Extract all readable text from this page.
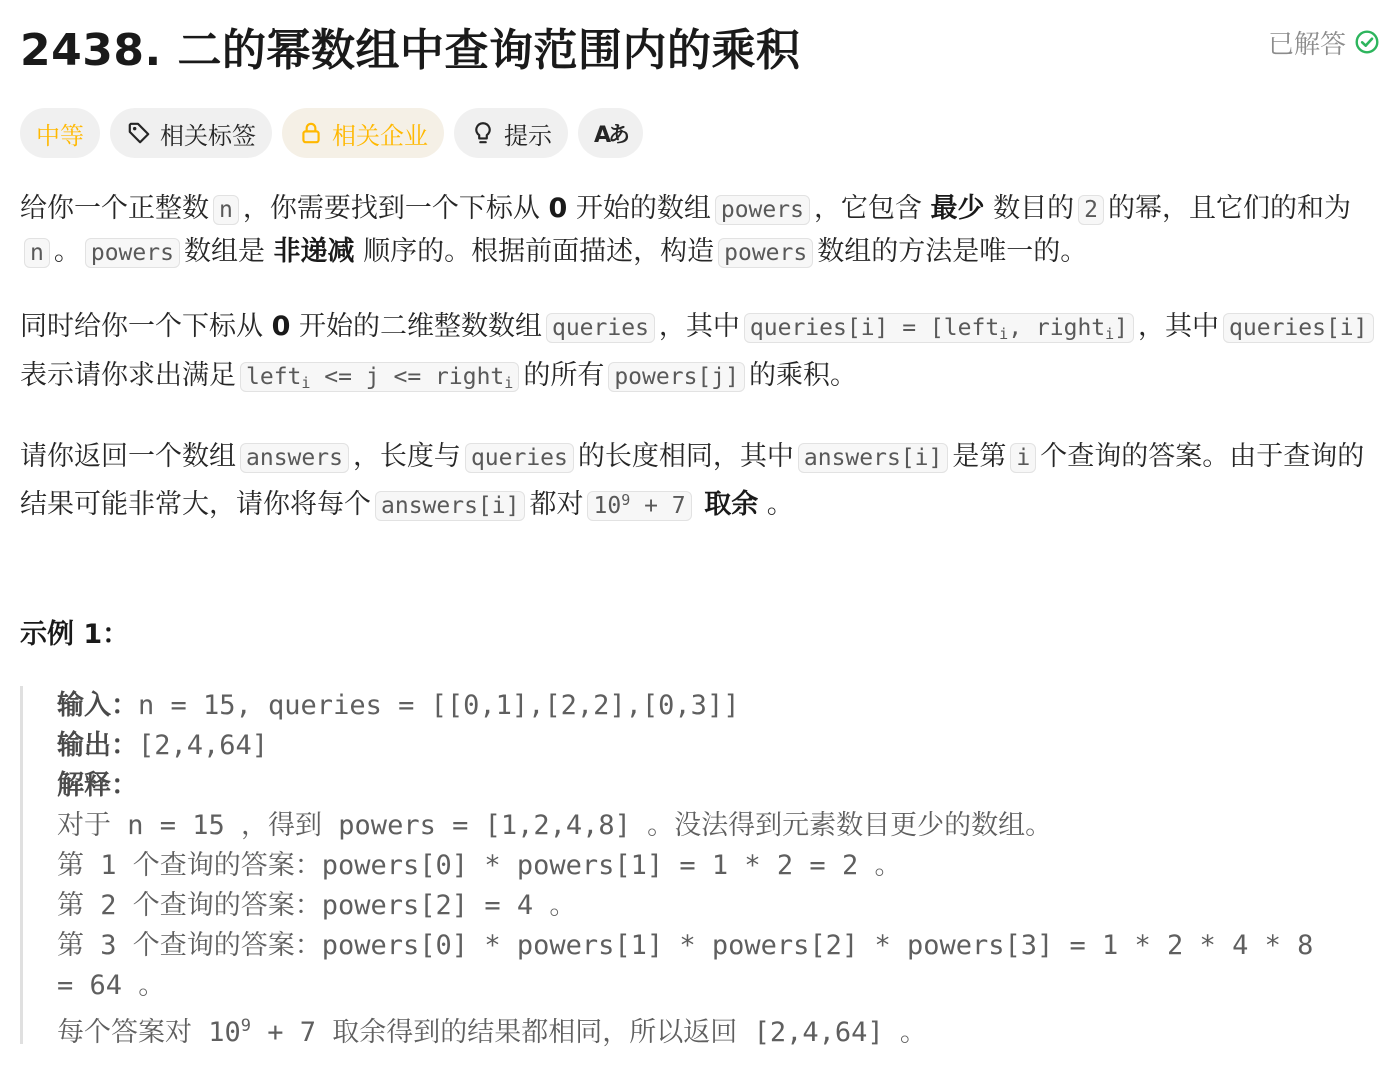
2438. 二的幂数组中查询范围内的乘积	已解答
中等	相关标签	相关企业	提示 Aあ

给你一个正整数 n ，你需要找到一个下标从 0 开始的数组 powers ，它包含 最少 数目的 2 的幂，且它们的和为n 。 powers 数组是 非递减 顺序的。根据前面描述，构造 powers 数组的方法是唯一的。

同时给你一个下标从 0 开始的二维整数数组 queries ，其中 queries[i] = [left$_i$, right$_i$] ，其中 queries[i]表示请你求出满足 left$_i$ <= j <= right$_i$ 的所有 powers[j] 的乘积。

请你返回一个数组 answers ，长度与 queries 的长度相同，其中 answers[i] 是第 i 个查询的答案。由于查询的结果可能非常大，请你将每个 answers[i] 都对 $10^9 + 7$ 取余 。

示例 1：
输入：n = 15, queries = [[0,1],[2,2],[0,3]]
输出：[2,4,64]
解释：
对于 n = 15 ，得到 powers = [1,2,4,8] 。没法得到元素数目更少的数组。
第 1 个查询的答案：powers[0] * powers[1] = 1 * 2 = 2 。
第 2 个查询的答案：powers[2] = 4 。
第 3 个查询的答案：powers[0] * powers[1] * powers[2] * powers[3] = 1 * 2 * 4 * 8
= 64 。
每个答案对 $10^9 + 7$ 取余得到的结果都相同，所以返回 [2,4,64] 。
